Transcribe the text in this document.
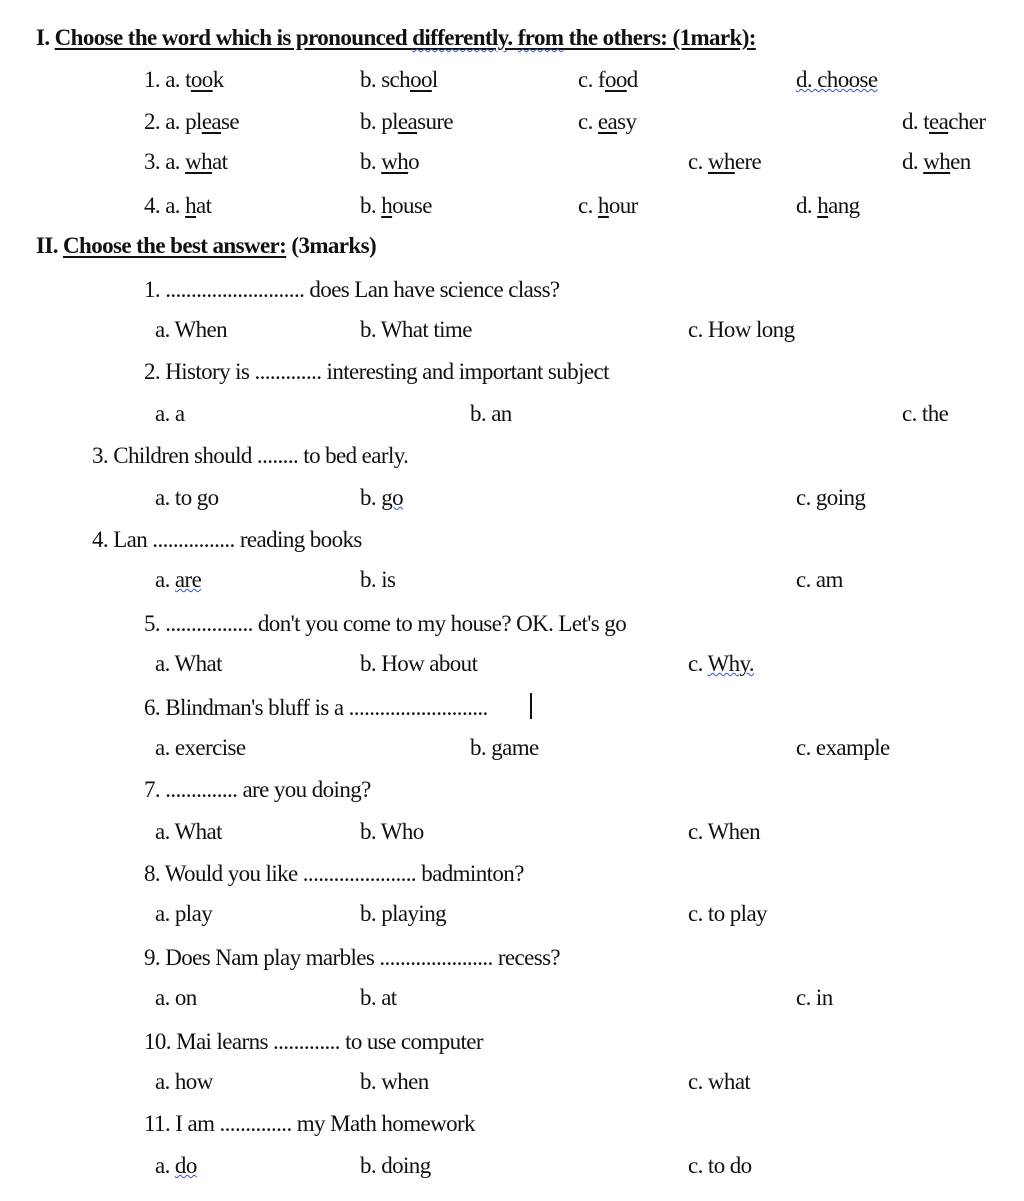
I. Choose the word which is pronounced differently. from the others: (1mark):
1. a. took	b. school	c. food	d. choose
2. a. please	b. pleasure	c. easy	d. teacher
3. a. what	b. who	c. where	d. when
4. a. hat	b. house	c. hour	d. hang
II. Choose the best answer: (3marks)
1. ........................... does Lan have science class?
a. When	b. What time	c. How long
2. History is ............. interesting and important subject
a. a	b. an	c. the
3. Children should ........ to bed early.
a. to go	b. go	c. going
4. Lan ................ reading books
a. are	b. is	c. am
5. ................. don't you come to my house? OK. Let's go
a. What	b. How about	c. Why.
6. Blindman's bluff is a ...........................
a. exercise	b. game	c. example
7. .............. are you doing?
a. What	b. Who	c. When
8. Would you like ...................... badminton?
a. play	b. playing	c. to play
9. Does Nam play marbles ...................... recess?
a. on	b. at	c. in
10. Mai learns ............. to use computer
a. how	b. when	c. what
11. I am .............. my Math homework
a. do	b. doing	c. to do
